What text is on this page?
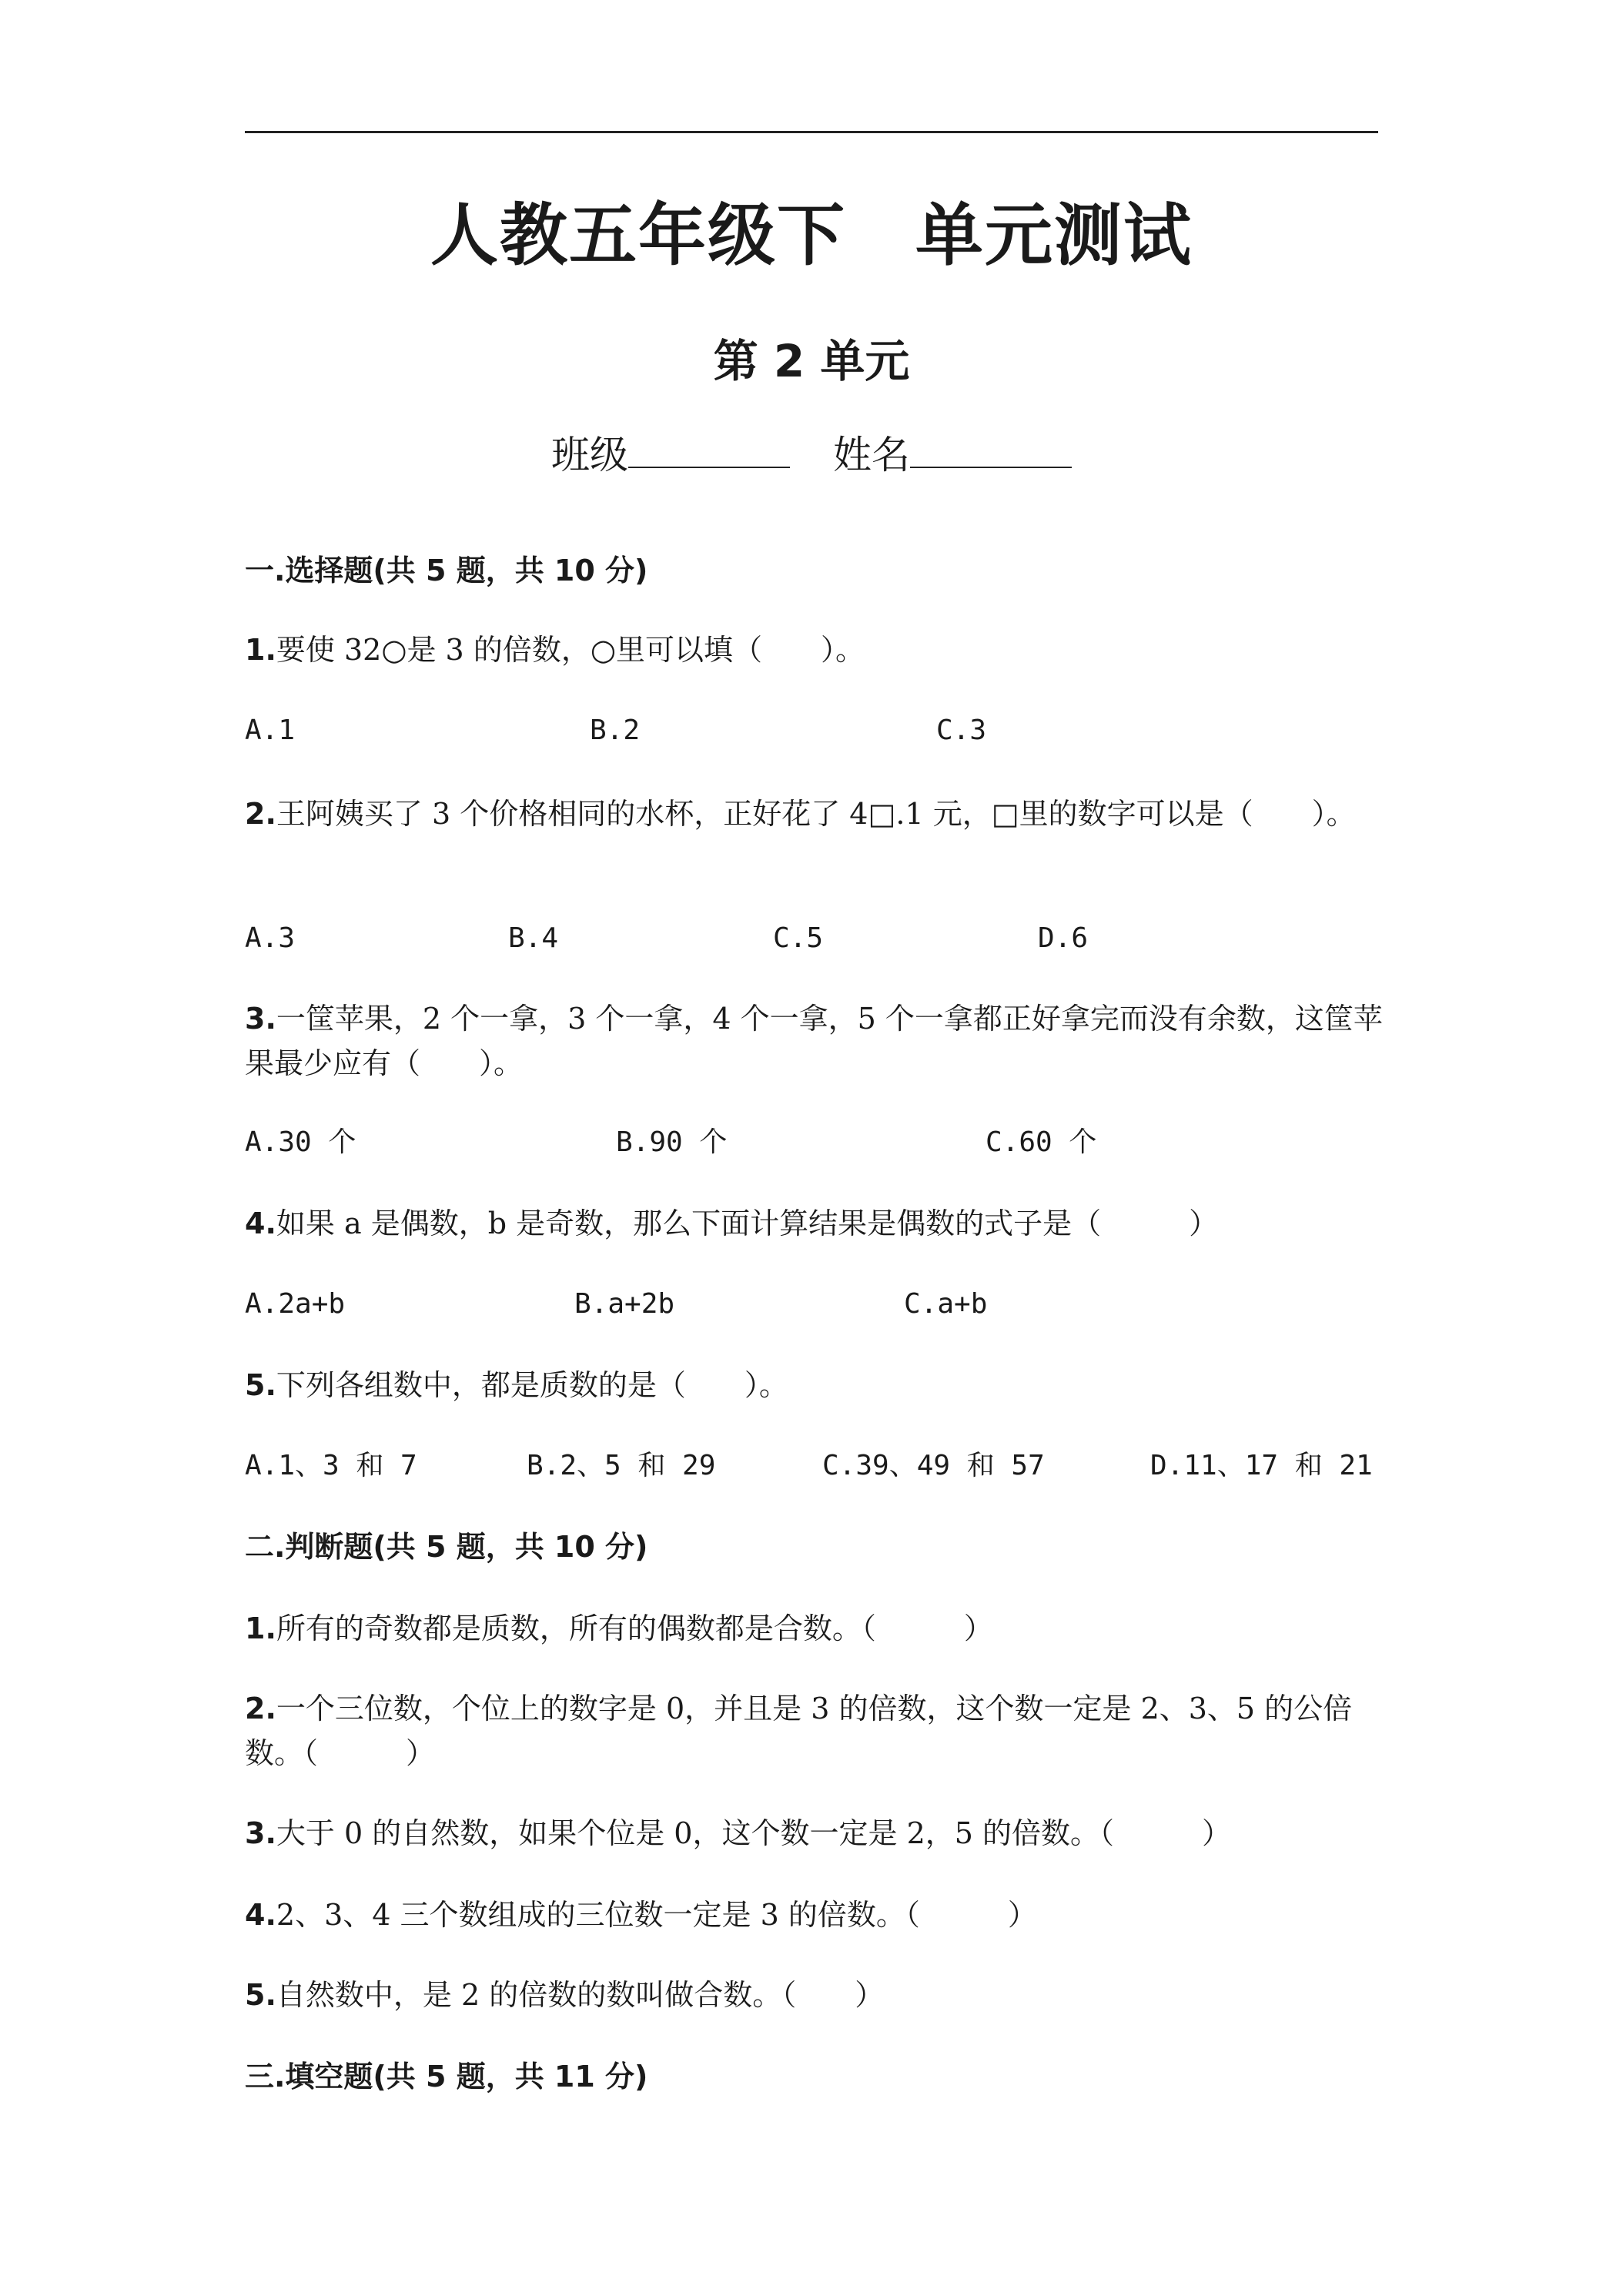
人教五年级下 单元测试
第 2 单元
班级	姓名
一.选择题(共 5 题，共 10 分)
1.要使 32○是 3 的倍数，○里可以填（　　）。
A.1	B.2	C.3
2.王阿姨买了 3 个价格相同的水杯，正好花了 4□.1 元，□里的数字可以是（　　）。
A.3	B.4	C.5	D.6
3.一筐苹果，2 个一拿，3 个一拿，4 个一拿，5 个一拿都正好拿完而没有余数，这筐苹果最少应有（　　）。
A.30 个	B.90 个	C.60 个
4.如果 a 是偶数，b 是奇数，那么下面计算结果是偶数的式子是（　　　）
A.2a+b	B.a+2b	C.a+b
5.下列各组数中，都是质数的是（　　）。
A.1、3 和 7	B.2、5 和 29	C.39、49 和 57	D.11、17 和 21
二.判断题(共 5 题，共 10 分)
1.所有的奇数都是质数，所有的偶数都是合数。（　　　）
2.一个三位数，个位上的数字是 0，并且是 3 的倍数，这个数一定是 2、3、5 的公倍数。（　　　）
3.大于 0 的自然数，如果个位是 0，这个数一定是 2，5 的倍数。（　　　）
4.2、3、4 三个数组成的三位数一定是 3 的倍数。（　　　）
5.自然数中，是 2 的倍数的数叫做合数。（　　）
三.填空题(共 5 题，共 11 分)
